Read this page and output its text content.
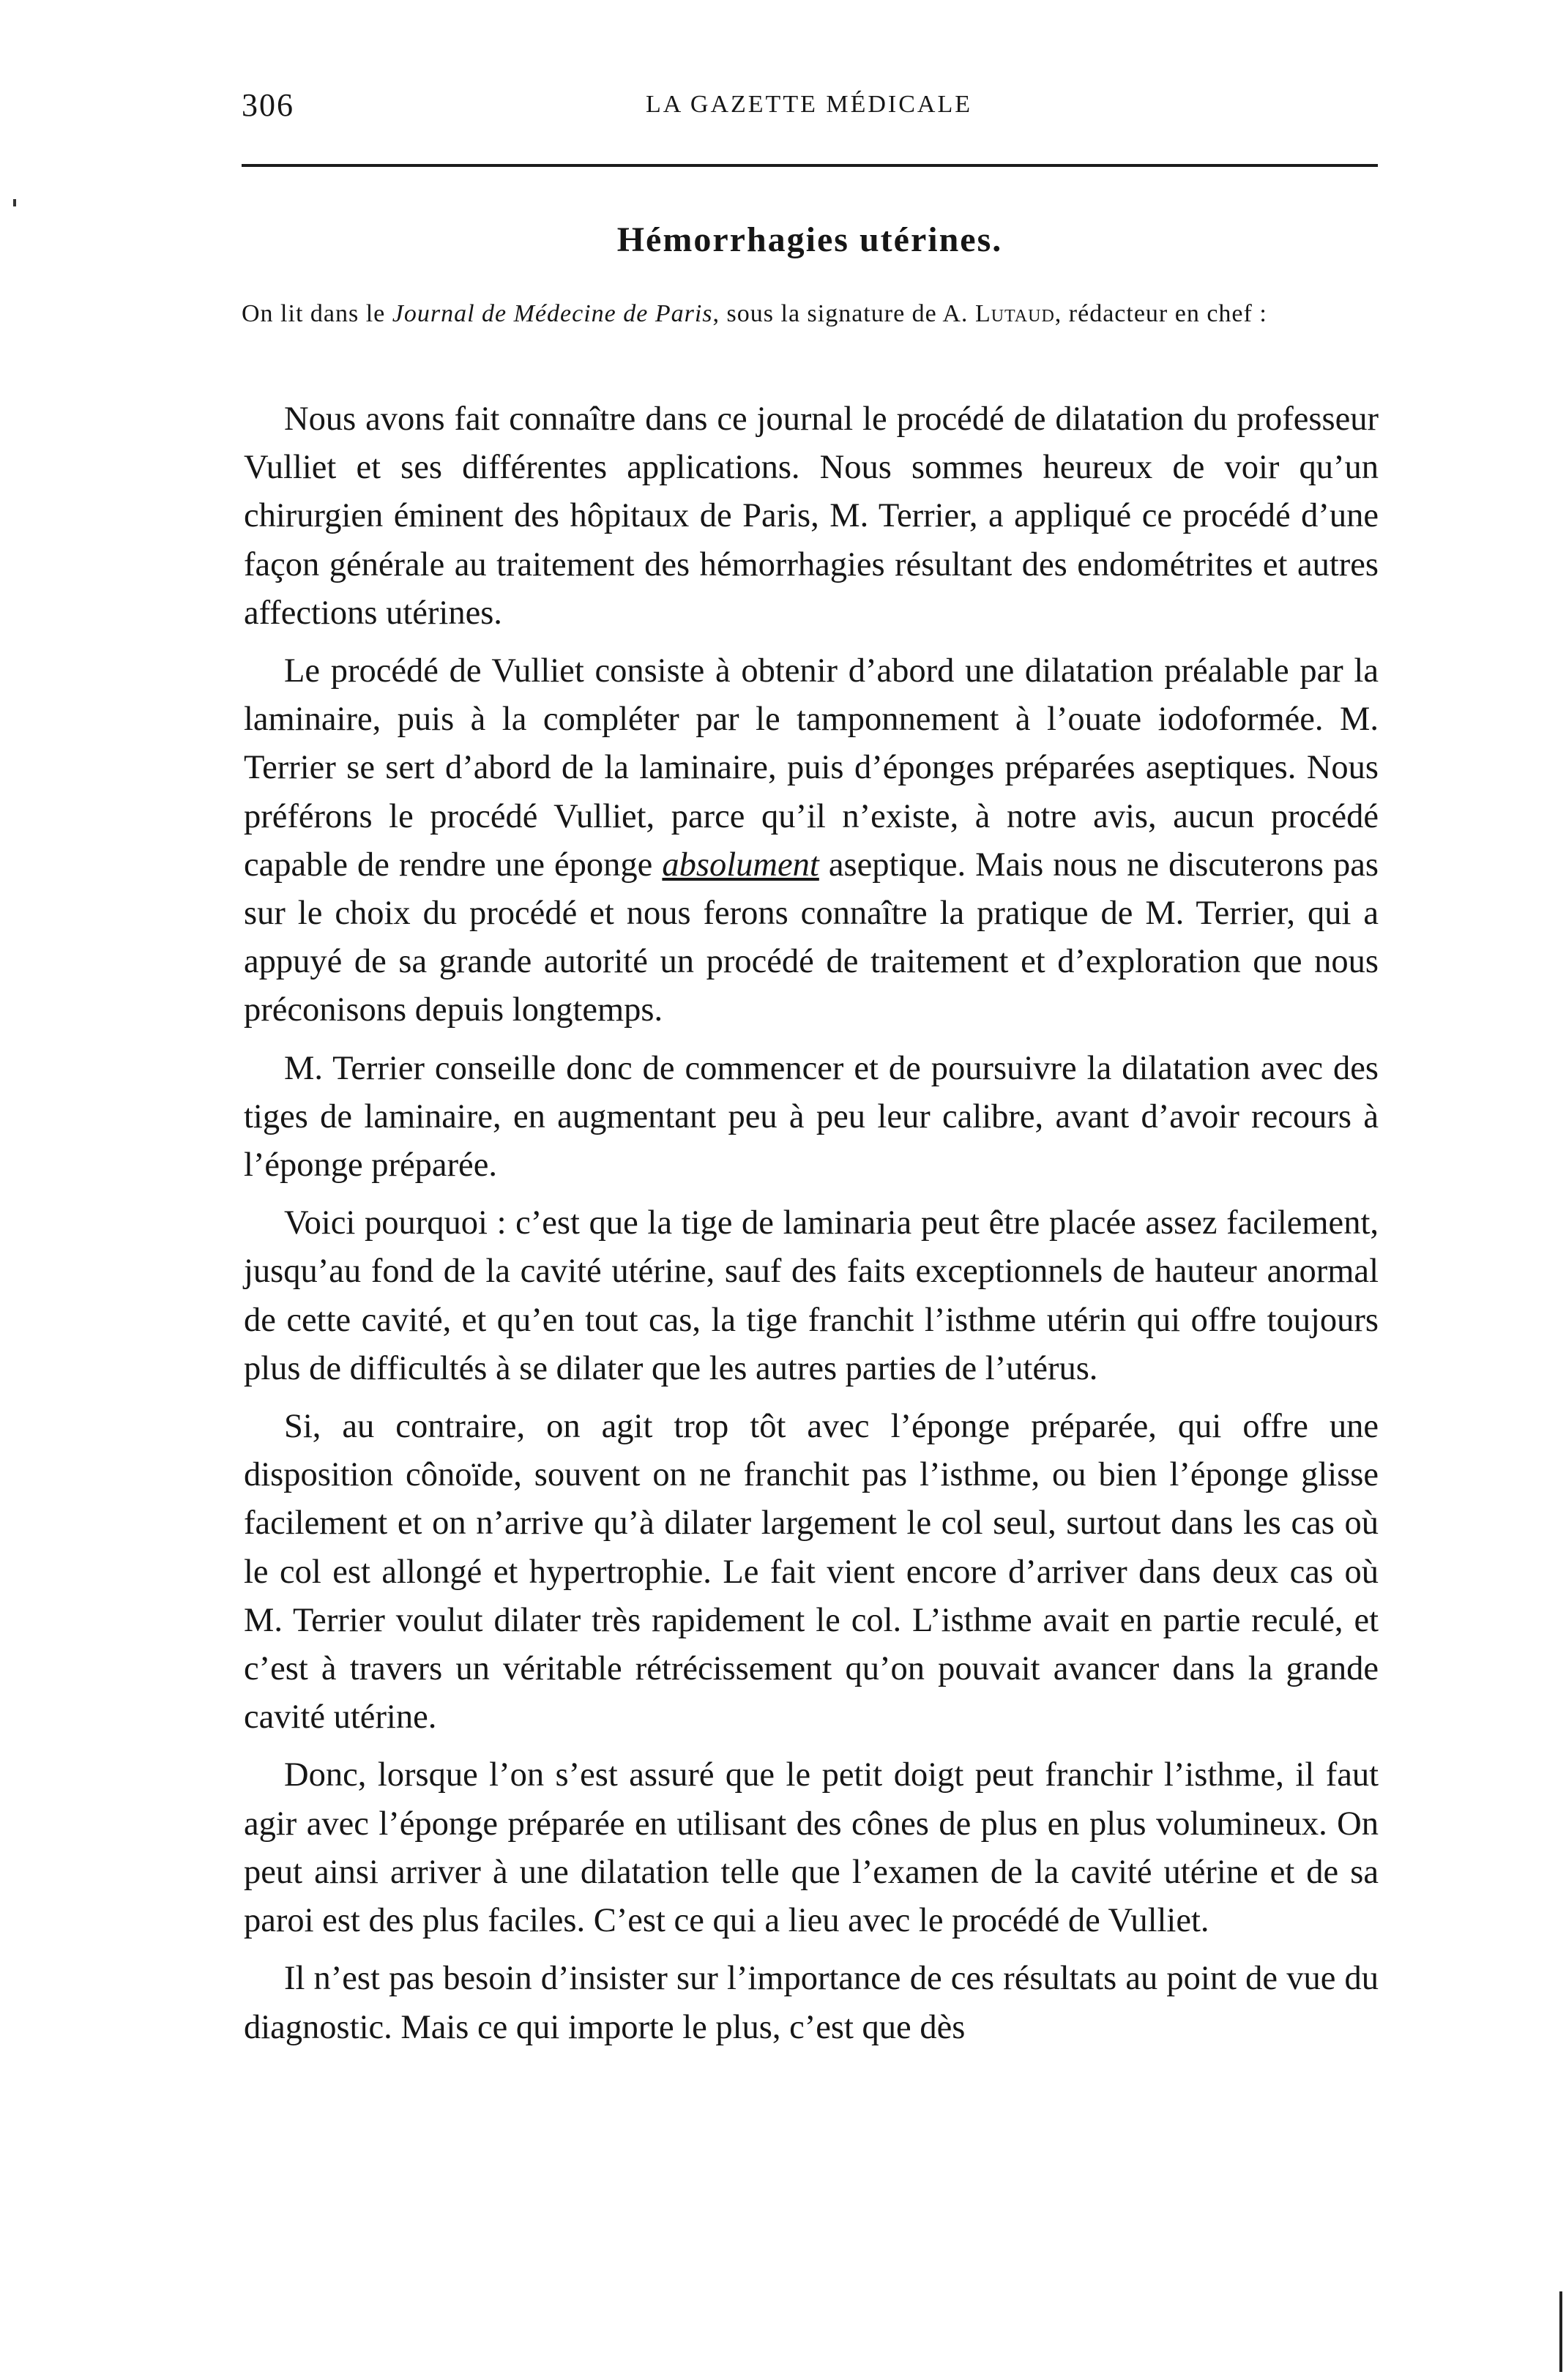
306	LA GAZETTE MÉDICALE
Hémorrhagies utérines.
On lit dans le Journal de Médecine de Paris, sous la signature de A. Lutaud, rédacteur en chef :

Nous avons fait connaître dans ce journal le procédé de dilatation du professeur Vulliet et ses différentes applications. Nous sommes heureux de voir qu’un chirurgien éminent des hôpitaux de Paris, M. Terrier, a appliqué ce procédé d’une façon générale au traitement des hémorrhagies résultant des endométrites et autres affections utérines.

Le procédé de Vulliet consiste à obtenir d’abord une dilatation préalable par la laminaire, puis à la compléter par le tamponnement à l’ouate iodoformée. M. Terrier se sert d’abord de la laminaire, puis d’éponges préparées aseptiques. Nous préférons le procédé Vulliet, parce qu’il n’existe, à notre avis, aucun procédé capable de rendre une éponge absolument aseptique. Mais nous ne discuterons pas sur le choix du procédé et nous ferons connaître la pratique de M. Terrier, qui a appuyé de sa grande autorité un procédé de traitement et d’exploration que nous préconisons depuis longtemps.

M. Terrier conseille donc de commencer et de poursuivre la dilatation avec des tiges de laminaire, en augmentant peu à peu leur calibre, avant d’avoir recours à l’éponge préparée.

Voici pourquoi : c’est que la tige de laminaria peut être placée assez facilement, jusqu’au fond de la cavité utérine, sauf des faits exceptionnels de hauteur anormal de cette cavité, et qu’en tout cas, la tige franchit l’isthme utérin qui offre toujours plus de difficultés à se dilater que les autres parties de l’utérus.

Si, au contraire, on agit trop tôt avec l’éponge préparée, qui offre une disposition cônoïde, souvent on ne franchit pas l’isthme, ou bien l’éponge glisse facilement et on n’arrive qu’à dilater largement le col seul, surtout dans les cas où le col est allongé et hypertrophie. Le fait vient encore d’arriver dans deux cas où M. Terrier voulut dilater très rapidement le col. L’isthme avait en partie reculé, et c’est à travers un véritable rétrécissement qu’on pouvait avancer dans la grande cavité utérine.

Donc, lorsque l’on s’est assuré que le petit doigt peut franchir l’isthme, il faut agir avec l’éponge préparée en utilisant des cônes de plus en plus volumineux. On peut ainsi arriver à une dilatation telle que l’examen de la cavité utérine et de sa paroi est des plus faciles. C’est ce qui a lieu avec le procédé de Vulliet.

Il n’est pas besoin d’insister sur l’importance de ces résultats au point de vue du diagnostic. Mais ce qui importe le plus, c’est que dès
